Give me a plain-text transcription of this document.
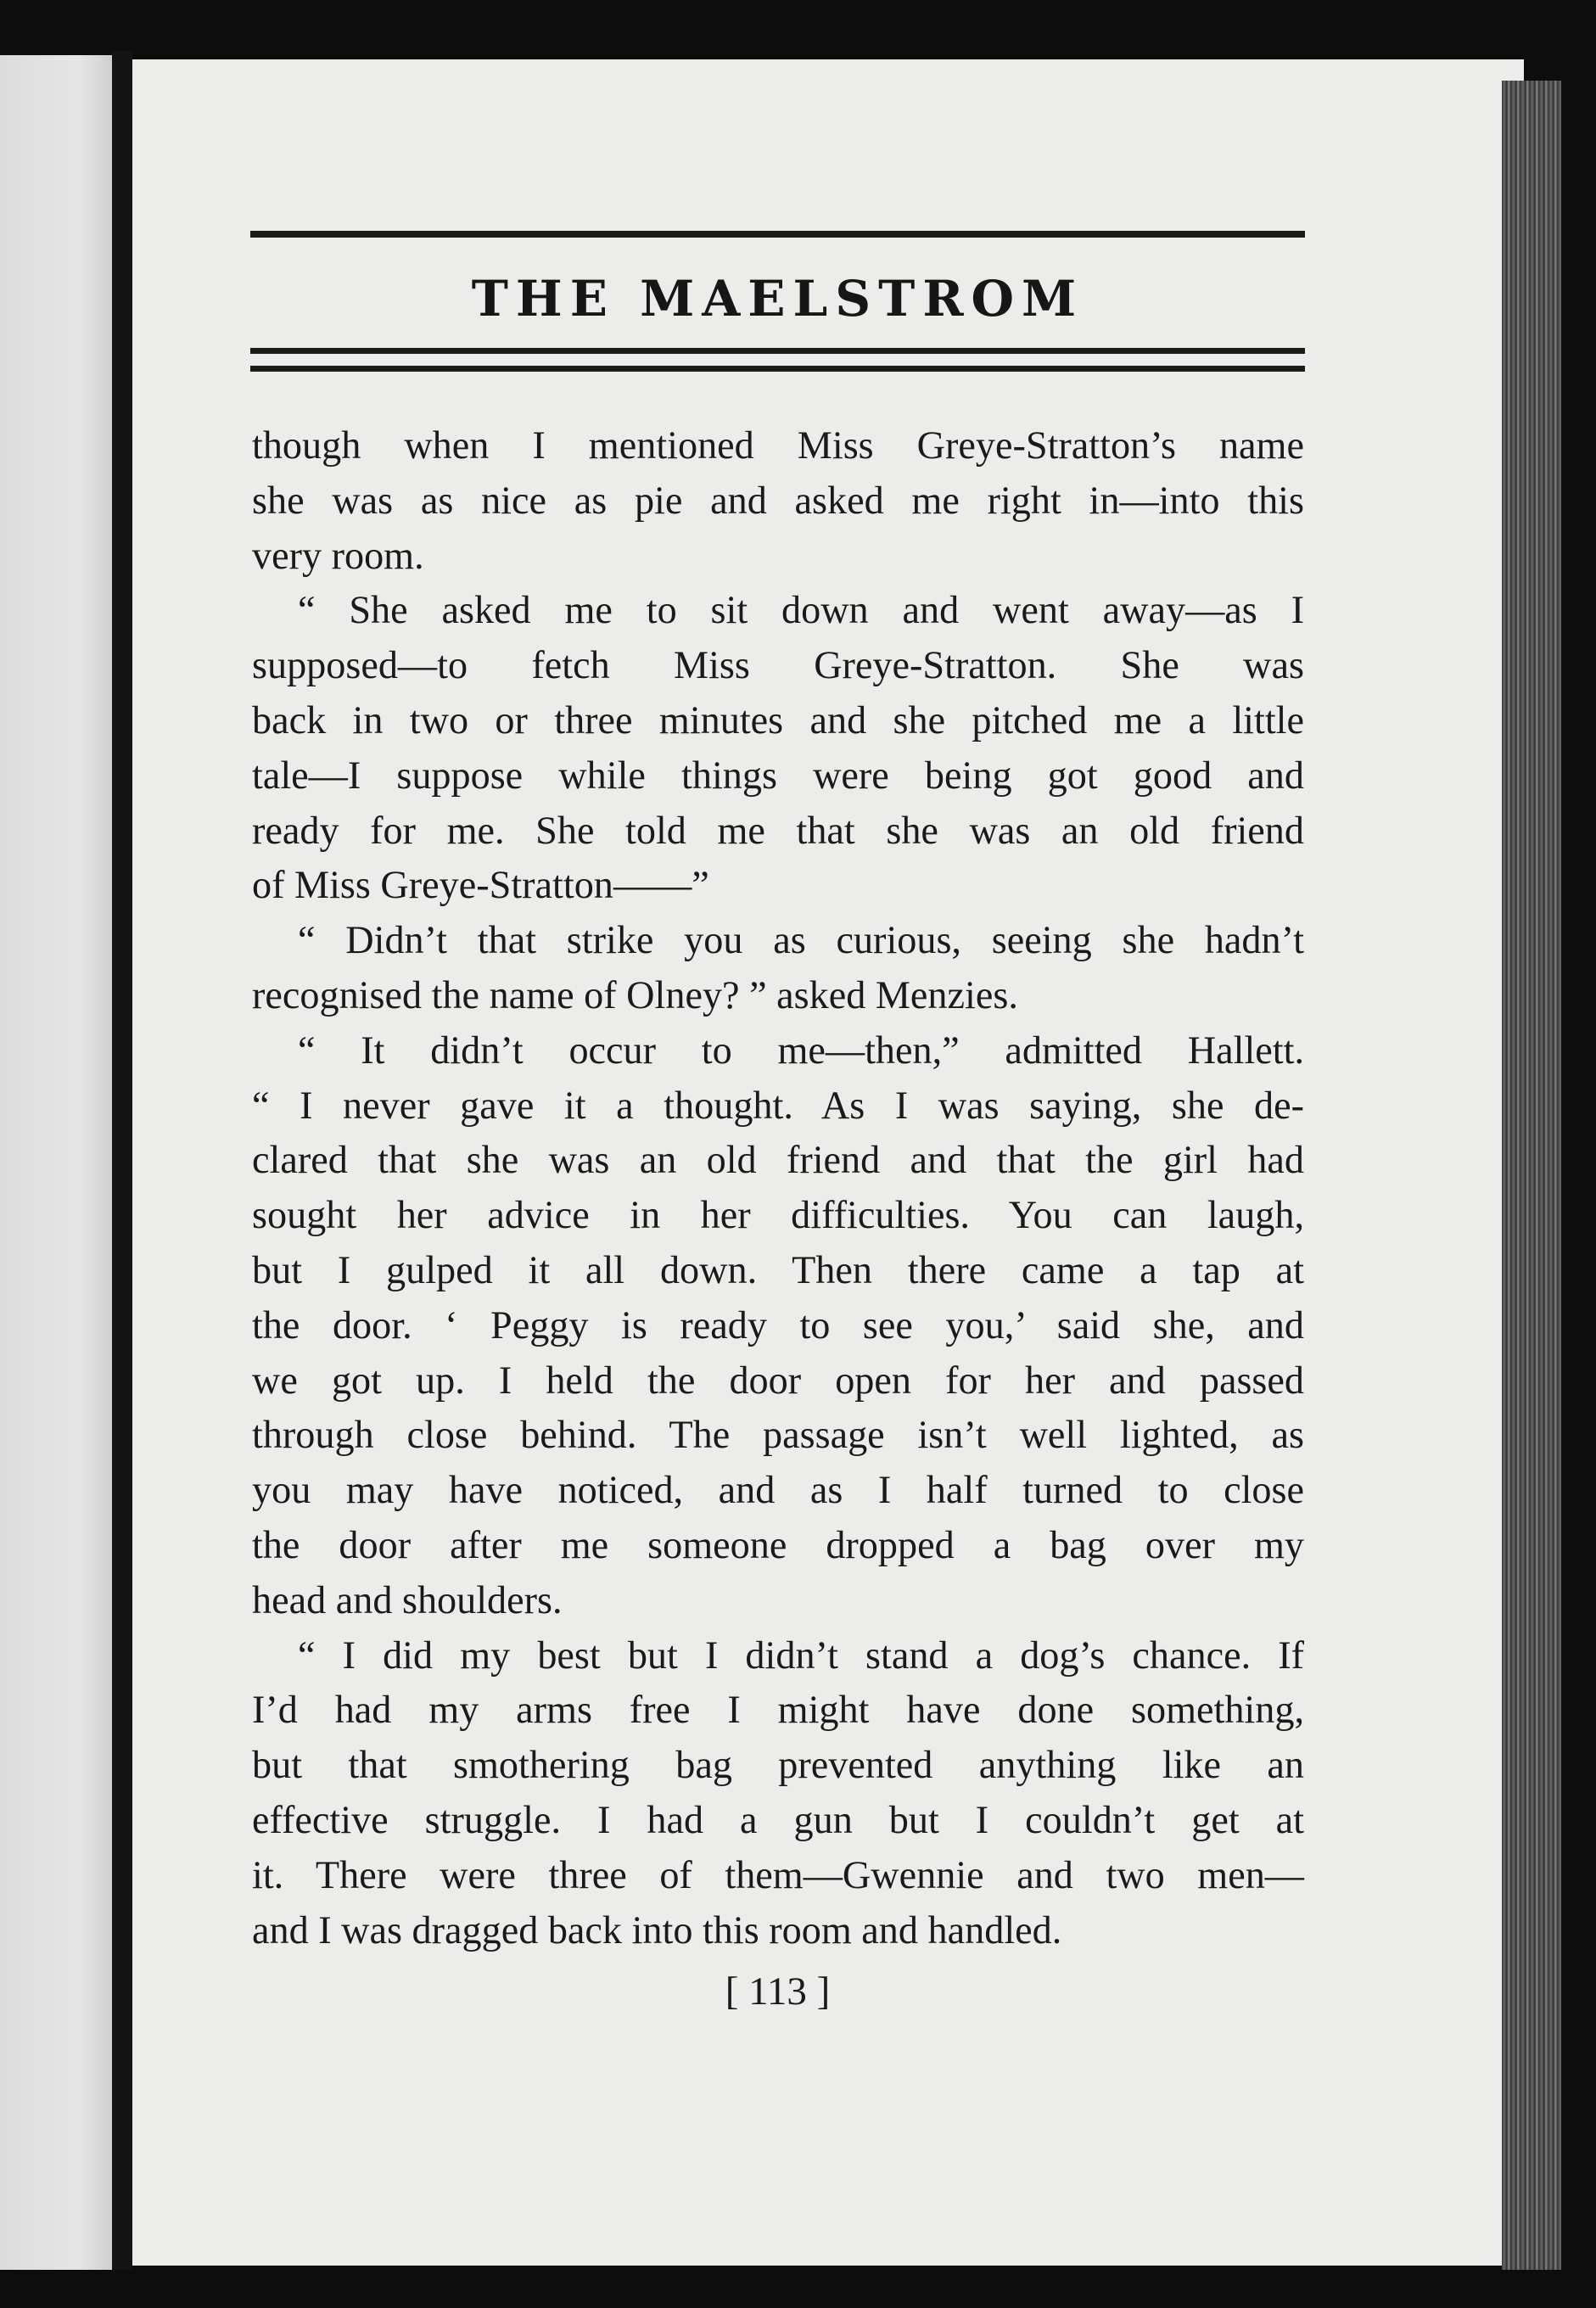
THE MAELSTROM
though when I mentioned Miss Greye-Stratton’s name
she was as nice as pie and asked me right in—into this
very room.
“ She asked me to sit down and went away—as I
supposed—to fetch Miss Greye-Stratton. She was
back in two or three minutes and she pitched me a little
tale—I suppose while things were being got good and
ready for me. She told me that she was an old friend
of Miss Greye-Stratton——”
“ Didn’t that strike you as curious, seeing she hadn’t
recognised the name of Olney? ” asked Menzies.
“ It didn’t occur to me—then,” admitted Hallett.
“ I never gave it a thought. As I was saying, she de-
clared that she was an old friend and that the girl had
sought her advice in her difficulties. You can laugh,
but I gulped it all down. Then there came a tap at
the door. ‘ Peggy is ready to see you,’ said she, and
we got up. I held the door open for her and passed
through close behind. The passage isn’t well lighted, as
you may have noticed, and as I half turned to close
the door after me someone dropped a bag over my
head and shoulders.
“ I did my best but I didn’t stand a dog’s chance. If
I’d had my arms free I might have done something,
but that smothering bag prevented anything like an
effective struggle. I had a gun but I couldn’t get at
it. There were three of them—Gwennie and two men—
and I was dragged back into this room and handled.
[ 113 ]
